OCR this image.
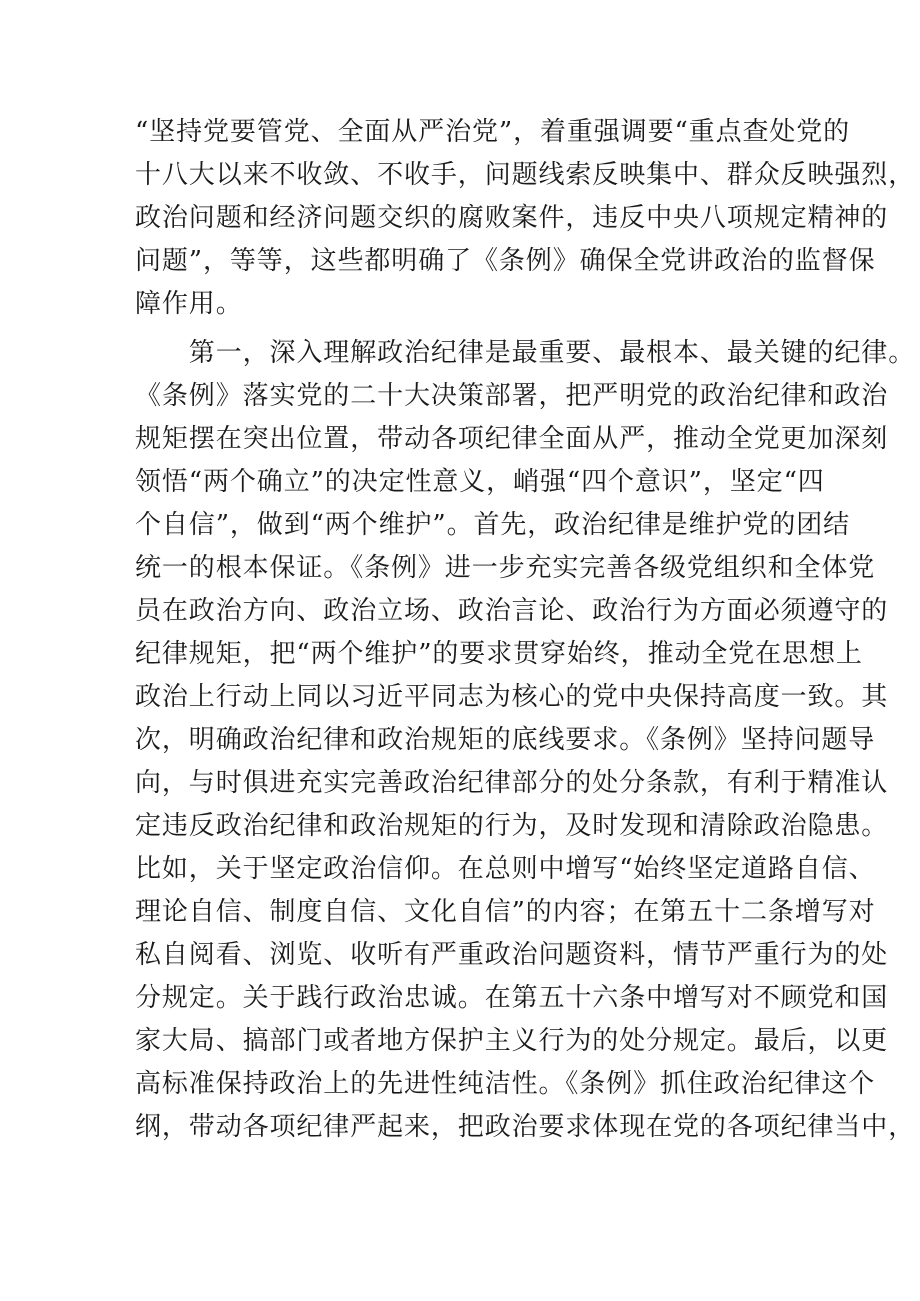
“坚持党要管党、全面从严治党”，着重强调要“重点查处党的
十八大以来不收敛、不收手，问题线索反映集中、群众反映强烈，
政治问题和经济问题交织的腐败案件，违反中央八项规定精神的
问题”，等等，这些都明确了《条例》确保全党讲政治的监督保
障作用。
　　第一，深入理解政治纪律是最重要、最根本、最关键的纪律。
《条例》落实党的二十大决策部署，把严明党的政治纪律和政治
规矩摆在突出位置，带动各项纪律全面从严，推动全党更加深刻
领悟“两个确立”的决定性意义，峭强“四个意识”，坚定“四
个自信”，做到“两个维护”。首先，政治纪律是维护党的团结
统一的根本保证。《条例》进一步充实完善各级党组织和全体党
员在政治方向、政治立场、政治言论、政治行为方面必须遵守的
纪律规矩，把“两个维护”的要求贯穿始终，推动全党在思想上
政治上行动上同以习近平同志为核心的党中央保持高度一致。其
次，明确政治纪律和政治规矩的底线要求。《条例》坚持问题导
向，与时俱进充实完善政治纪律部分的处分条款，有利于精准认
定违反政治纪律和政治规矩的行为，及时发现和清除政治隐患。
比如，关于坚定政治信仰。在总则中增写“始终坚定道路自信、
理论自信、制度自信、文化自信”的内容；在第五十二条增写对
私自阅看、浏览、收听有严重政治问题资料，情节严重行为的处
分规定。关于践行政治忠诚。在第五十六条中增写对不顾党和国
家大局、搞部门或者地方保护主义行为的处分规定。最后，以更
高标准保持政治上的先进性纯洁性。《条例》抓住政治纪律这个
纲，带动各项纪律严起来，把政治要求体现在党的各项纪律当中，
